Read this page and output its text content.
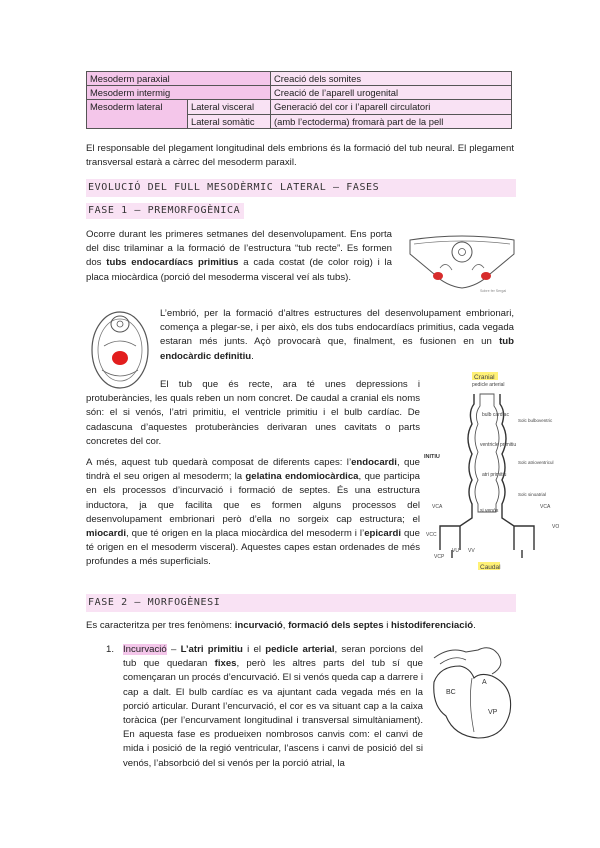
Mesoderm paraxial		Creació dels somites
Mesoderm intermig		Creació de l’aparell urogenital
Mesoderm lateral	Lateral visceral	Generació del cor i l’aparell circulatori
	Lateral somàtic	(amb l’ectoderma) fromarà part de la pell

El responsable del plegament longitudinal dels embrions és la formació del tub neural. El plegament transversal estarà a càrrec del mesoderm paraxil.

EVOLUCIÓ DEL FULL MESODÈRMIC LATERAL – FASES
FASE 1 – PREMORFOGÈNICA

Ocorre durant les primeres setmanes del desenvolupament. Ens porta del disc trilaminar a la formació de l’estructura “tub recte”. Es formen dos tubs endocardíacs primitius a cada costat (de color roig) i la placa miocàrdica (porció del mesoderma visceral veí als tubs).

Sobre fer Sergal

L’embrió, per la formació d’altres estructures del desenvolupament embrionari, comença a plegar-se, i per això, els dos tubs endocardíacs primitius, cada vegada estaran més junts. Açò provocarà que, finalment, es fusionen en un tub endocàrdic definitiu.

El tub que és recte, ara té unes depressions i protuberàncies, les quals reben un nom concret. De caudal a cranial els noms són: el si venós, l’atri primitiu, el ventricle primitiu i el bulb cardíac. De cadascuna d’aquestes protuberàncies derivaran unes cavitats o parts concretes del cor.

A més, aquest tub quedarà composat de diferents capes: l’endocardi, que tindrà el seu origen al mesoderm; la gelatina endomiocàrdica, que participa en els processos d’incurvació i formació de septes. És una estructura inductora, ja que facilita que es formen alguns processos del desenvolupament embrionari però d’ella no sorgeix cap estructura; el miocardi, que té origen en la placa miocàrdica del mesoderm i l’epicardi que té origen en el mesoderm visceral). Aquestes capes estan ordenades de més profundes a més superficials.

Cranial
pedicle arterial
bulb cardiac
ventricle primitiu
atri primitiu
si venós
INITIU
Solc bulboventric
Solc atrioventricul
Solc sinoatrial
VCA	VCA
VCC
VCP
VU VV
VO
Caudal
FASE 2 – MORFOGÈNESI

Es caracteritza per tres fenòmens: incurvació, formació dels septes i histodiferenciació.

BC
A
VP
1. Incurvació – L’atri primitiu i el pedicle arterial, seran porcions del tub que quedaran fixes, però les altres parts del tub sí que començaran un procés d’encurvació. El si venós queda cap a darrere i cap a dalt. El bulb cardíac es va ajuntant cada vegada més en la porció articular. Durant l’encurvació, el cor es va situant cap a la caixa toràcica (per l’encurvament longitudinal i transversal simultàniament). En aquesta fase es produeixen nombrosos canvis com: el canvi de mida i posició de la regió ventricular, l’ascens i canvi de posició del si venós, l’absorbció del si venós per la porció atrial, la
